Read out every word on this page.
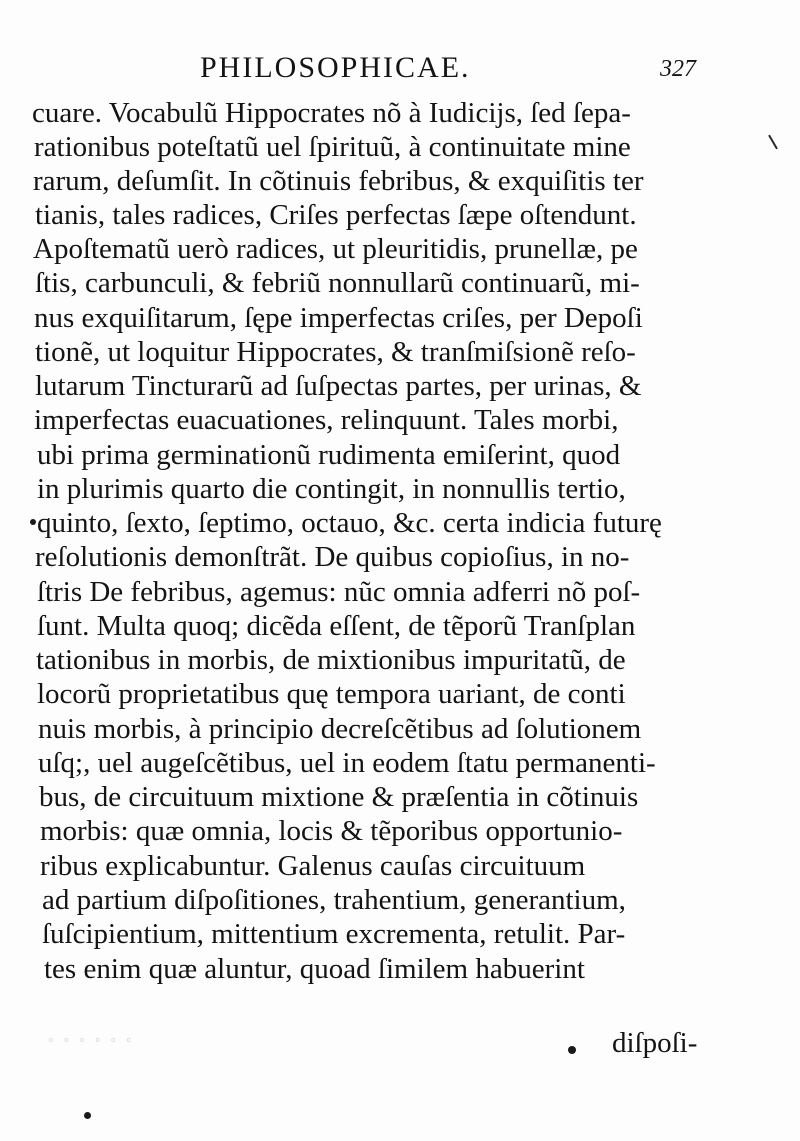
PHILOSOPHICAE.	327
cuare. Vocabulũ Hippocrates nõ à Iudicijs, ſed ſepa-
rationibus poteſtatũ uel ſpirituũ, à continuitate mine
rarum, deſumſit. In cõtinuis febribus, & exquiſitis ter
tianis, tales radices, Criſes perfectas ſæpe oſtendunt.
Apoſtematũ uerò radices, ut pleuritidis, prunellæ, pe
ſtis, carbunculi, & febriũ nonnullarũ continuarũ, mi-
nus exquiſitarum, ſępe imperfectas criſes, per Depoſi
tionẽ, ut loquitur Hippocrates, & tranſmiſsionẽ reſo-
lutarum Tincturarũ ad ſuſpectas partes, per urinas, &
imperfectas euacuationes, relinquunt. Tales morbi,
ubi prima germinationũ rudimenta emiſerint, quod
in plurimis quarto die contingit, in nonnullis tertio,
quinto, ſexto, ſeptimo, octauo, &c. certa indicia futurę
reſolutionis demonſtrãt. De quibus copioſius, in no-
ſtris De febribus, agemus: nũc omnia adferri nõ poſ-
ſunt. Multa quoq; dicẽda eſſent, de tẽporũ Tranſplan
tationibus in morbis, de mixtionibus impuritatũ, de
locorũ proprietatibus quę tempora uariant, de conti
nuis morbis, à principio decreſcẽtibus ad ſolutionem
uſq;, uel augeſcẽtibus, uel in eodem ſtatu permanenti-
bus, de circuituum mixtione & præſentia in cõtinuis
morbis: quæ omnia, locis & tẽporibus opportunio-
ribus explicabuntur. Galenus cauſas circuituum
ad partium diſpoſitiones, trahentium, generantium,
ſuſcipientium, mittentium excrementa, retulit. Par-
tes enim quæ aluntur, quoad ſimilem habuerint
diſpoſi-
ﾟ ﾟ ﾟ ﾟ ﾟ ﾟ
